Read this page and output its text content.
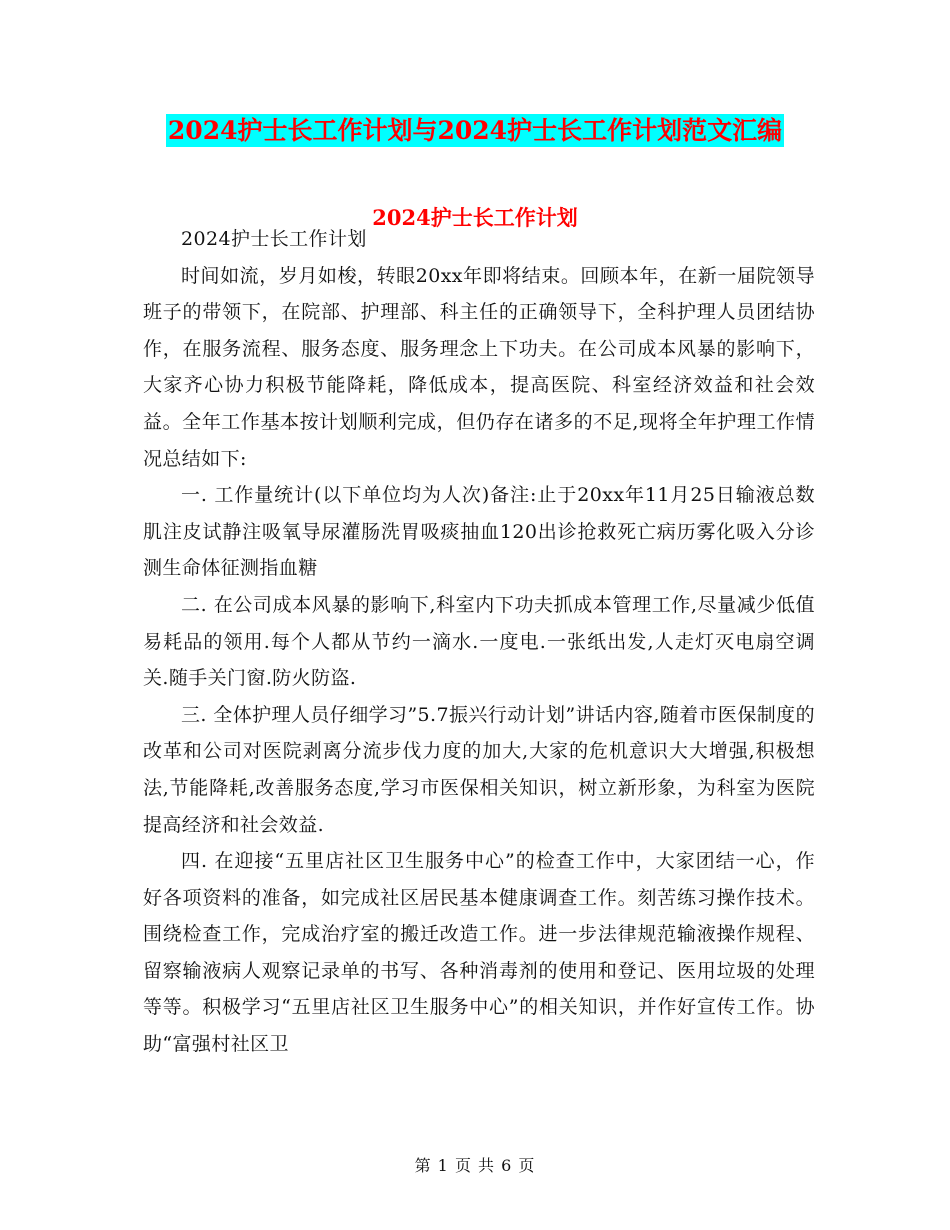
2024护士长工作计划与2024护士长工作计划范文汇编
2024护士长工作计划

2024护士长工作计划

时间如流，岁月如梭，转眼20xx年即将结束。回顾本年，在新一届院领导班子的带领下，在院部、护理部、科主任的正确领导下，全科护理人员团结协作，在服务流程、服务态度、服务理念上下功夫。在公司成本风暴的影响下，大家齐心协力积极节能降耗，降低成本，提高医院、科室经济效益和社会效益。全年工作基本按计划顺利完成，但仍存在诸多的不足,现将全年护理工作情况总结如下:

一. 工作量统计(以下单位均为人次)备注:止于20xx年11月25日输液总数肌注皮试静注吸氧导尿灌肠洗胃吸痰抽血120出诊抢救死亡病历雾化吸入分诊测生命体征测指血糖

二. 在公司成本风暴的影响下,科室内下功夫抓成本管理工作,尽量减少低值易耗品的领用.每个人都从节约一滴水.一度电.一张纸出发,人走灯灭电扇空调关.随手关门窗.防火防盗.

三. 全体护理人员仔细学习”5.7振兴行动计划”讲话内容,随着市医保制度的改革和公司对医院剥离分流步伐力度的加大,大家的危机意识大大增强,积极想法,节能降耗,改善服务态度,学习市医保相关知识，树立新形象，为科室为医院提高经济和社会效益.

四. 在迎接“五里店社区卫生服务中心”的检查工作中，大家团结一心，作好各项资料的准备，如完成社区居民基本健康调查工作。刻苦练习操作技术。围绕检查工作，完成治疗室的搬迁改造工作。进一步法律规范输液操作规程、留察输液病人观察记录单的书写、各种消毒剂的使用和登记、医用垃圾的处理等等。积极学习“五里店社区卫生服务中心”的相关知识，并作好宣传工作。协助“富强村社区卫

第 1 页 共 6 页
